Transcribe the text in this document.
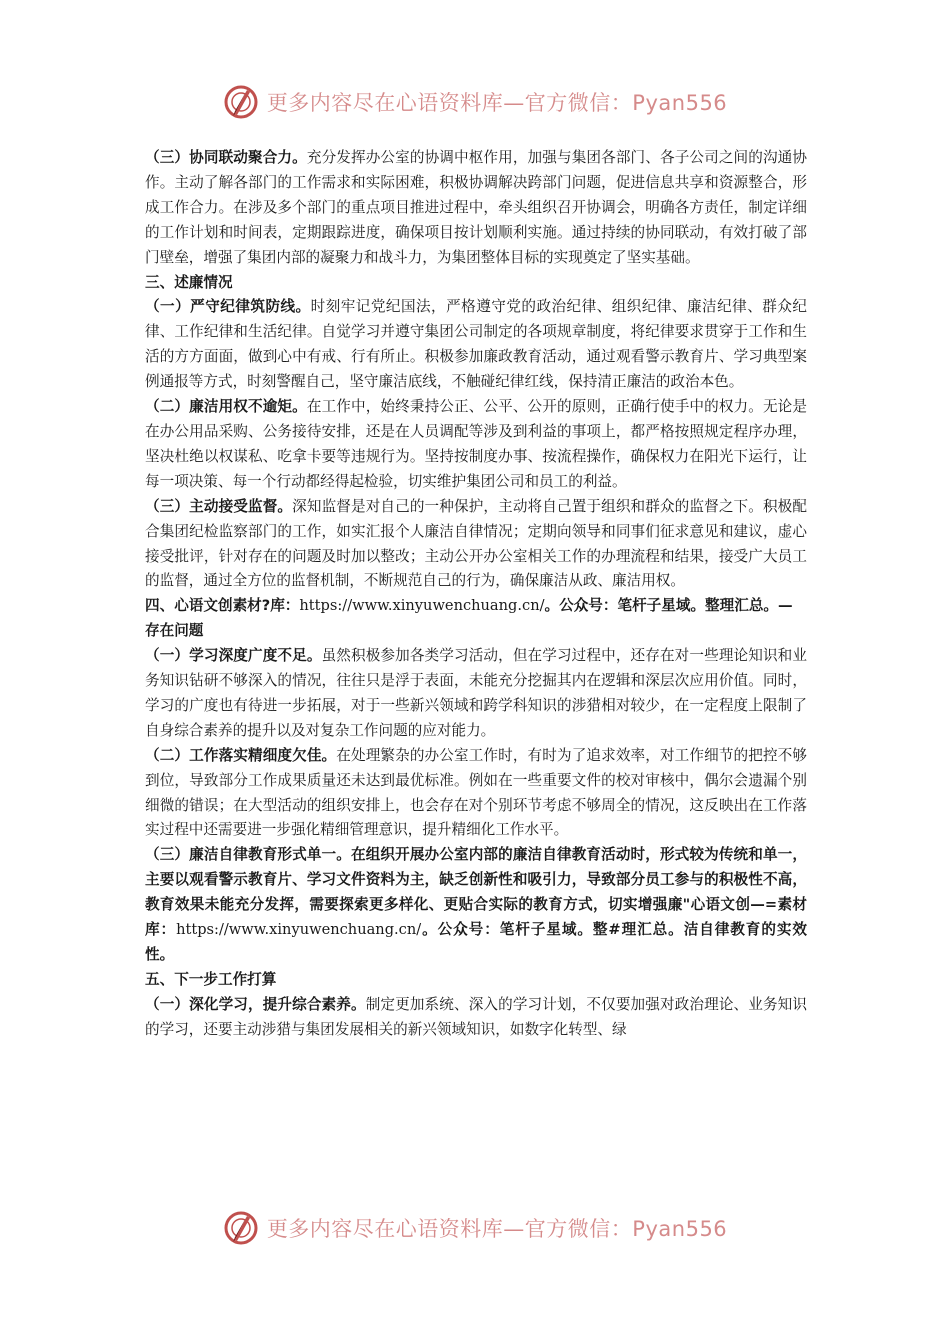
更多内容尽在心语资料库—官方微信：Pyan556

（三）协同联动聚合力。充分发挥办公室的协调中枢作用，加强与集团各部门、各子公司之间的沟通协作。主动了解各部门的工作需求和实际困难，积极协调解决跨部门问题，促进信息共享和资源整合，形成工作合力。在涉及多个部门的重点项目推进过程中，牵头组织召开协调会，明确各方责任，制定详细的工作计划和时间表，定期跟踪进度，确保项目按计划顺利实施。通过持续的协同联动，有效打破了部门壁垒，增强了集团内部的凝聚力和战斗力，为集团整体目标的实现奠定了坚实基础。

三、述廉情况

（一）严守纪律筑防线。时刻牢记党纪国法，严格遵守党的政治纪律、组织纪律、廉洁纪律、群众纪律、工作纪律和生活纪律。自觉学习并遵守集团公司制定的各项规章制度，将纪律要求贯穿于工作和生活的方方面面，做到心中有戒、行有所止。积极参加廉政教育活动，通过观看警示教育片、学习典型案例通报等方式，时刻警醒自己，坚守廉洁底线，不触碰纪律红线，保持清正廉洁的政治本色。

（二）廉洁用权不逾矩。在工作中，始终秉持公正、公平、公开的原则，正确行使手中的权力。无论是在办公用品采购、公务接待安排，还是在人员调配等涉及到利益的事项上，都严格按照规定程序办理，坚决杜绝以权谋私、吃拿卡要等违规行为。坚持按制度办事、按流程操作，确保权力在阳光下运行，让每一项决策、每一个行动都经得起检验，切实维护集团公司和员工的利益。

（三）主动接受监督。深知监督是对自己的一种保护，主动将自己置于组织和群众的监督之下。积极配合集团纪检监察部门的工作，如实汇报个人廉洁自律情况；定期向领导和同事们征求意见和建议，虚心接受批评，针对存在的问题及时加以整改；主动公开办公室相关工作的办理流程和结果，接受广大员工的监督，通过全方位的监督机制，不断规范自己的行为，确保廉洁从政、廉洁用权。

四、心语文创素材?库：https://www.xinyuwenchuang.cn/。公众号：笔杆子星域。整理汇总。—存在问题

（一）学习深度广度不足。虽然积极参加各类学习活动，但在学习过程中，还存在对一些理论知识和业务知识钻研不够深入的情况，往往只是浮于表面，未能充分挖掘其内在逻辑和深层次应用价值。同时，学习的广度也有待进一步拓展，对于一些新兴领域和跨学科知识的涉猎相对较少，在一定程度上限制了自身综合素养的提升以及对复杂工作问题的应对能力。

（二）工作落实精细度欠佳。在处理繁杂的办公室工作时，有时为了追求效率，对工作细节的把控不够到位，导致部分工作成果质量还未达到最优标准。例如在一些重要文件的校对审核中，偶尔会遗漏个别细微的错误；在大型活动的组织安排上，也会存在对个别环节考虑不够周全的情况，这反映出在工作落实过程中还需要进一步强化精细管理意识，提升精细化工作水平。

（三）廉洁自律教育形式单一。在组织开展办公室内部的廉洁自律教育活动时，形式较为传统和单一，主要以观看警示教育片、学习文件资料为主，缺乏创新性和吸引力，导致部分员工参与的积极性不高，教育效果未能充分发挥，需要探索更多样化、更贴合实际的教育方式，切实增强廉"心语文创—=素材库：https://www.xinyuwenchuang.cn/。公众号：笔杆子星域。整#理汇总。洁自律教育的实效性。

五、下一步工作打算

（一）深化学习，提升综合素养。制定更加系统、深入的学习计划，不仅要加强对政治理论、业务知识的学习，还要主动涉猎与集团发展相关的新兴领域知识，如数字化转型、绿

更多内容尽在心语资料库—官方微信：Pyan556
